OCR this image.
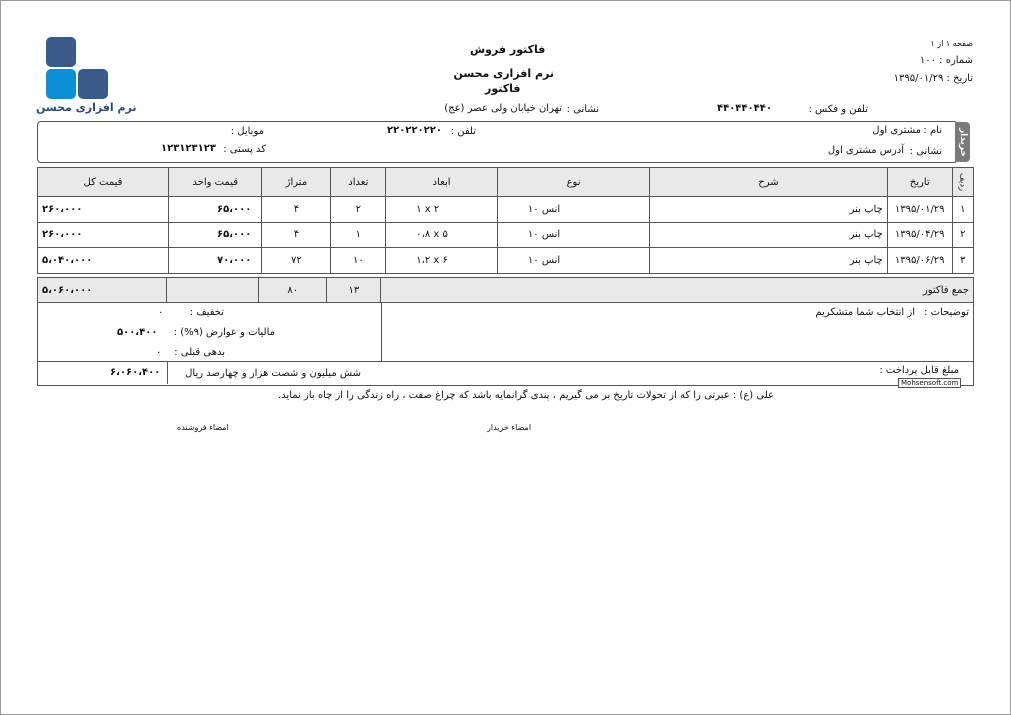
نرم افزاری محسن
فاکتور فروش
نرم افزاری محسن
فاکتور
صفحه ۱ از ۱
شماره : ۱۰۰
تاریخ : ۱۳۹۵/۰۱/۲۹
تلفن و فکس :
۴۴۰۴۴۰۴۴۰
نشانی :
تهران خیابان ولی عصر (عج)
خریدار
نام :
مشتری اول
تلفن :
۲۲۰۲۲۰۲۲۰
موبایل :
نشانی :
آدرس مشتری اول
کد پستی :
۱۲۳۱۲۳۱۲۳
ردیف	تاریخ	شرح	نوع	ابعاد	تعداد	متراژ	قیمت واحد	قیمت کل
۱	۱۳۹۵/۰۱/۲۹	چاپ بنر	۱۰ انس	۱ x ۲	۲	۴	۶۵،۰۰۰	۲۶۰،۰۰۰
۲	۱۳۹۵/۰۴/۲۹	چاپ بنر	۱۰ انس	۰،۸ x ۵	۱	۴	۶۵،۰۰۰	۲۶۰،۰۰۰
۳	۱۳۹۵/۰۶/۲۹	چاپ بنر	۱۰ انس	۱،۲ x ۶	۱۰	۷۲	۷۰،۰۰۰	۵،۰۴۰،۰۰۰
جمع فاکتور	۱۳	۸۰		۵،۰۶۰،۰۰۰
توضیحات :
از انتخاب شما متشکریم
تخفیف :
۰
مالیات و عوارض (۹%) :
۵۰۰،۴۰۰
بدهی قبلی :
۰
مبلغ قابل پرداخت :
شش میلیون و شصت هزار و چهارصد ریال
۶،۰۶۰،۴۰۰
Mohsensoft.com
علی (ع) : عبرتی را که از تحولات تاریخ بر می گیریم ، پندی گرانمایه باشد که چراغ صفت ، راه زندگی را از چاه باز نماید.
امضاء خریدار
امضاء فروشنده
